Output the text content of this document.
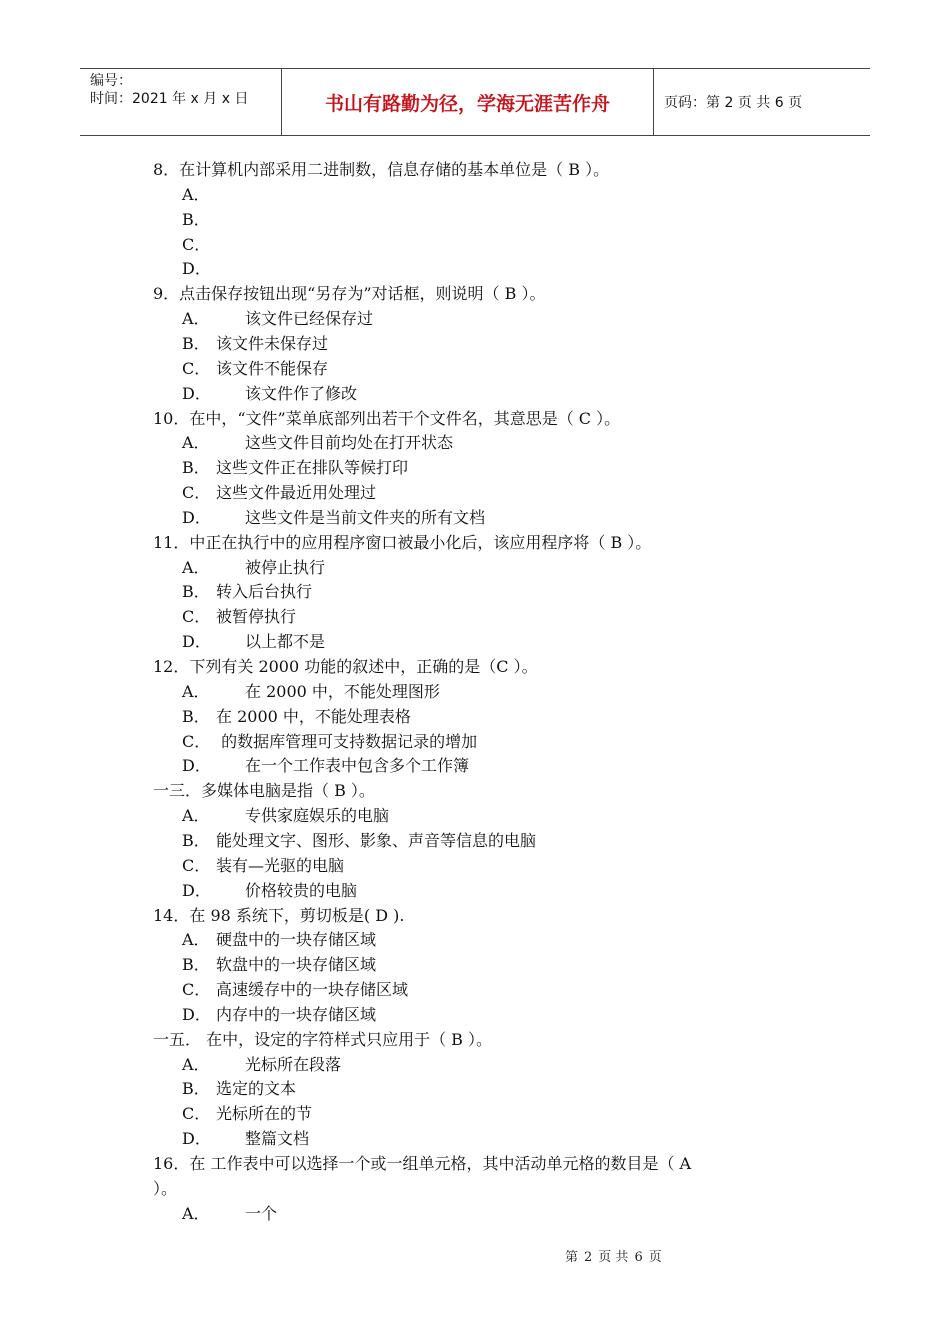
编号：
时间：2021 年 x 月 x 日	书山有路勤为径，学海无涯苦作舟	页码：第 2 页 共 6 页
8．在计算机内部采用二进制数，信息存储的基本单位是（ B ）。
A．
B．
C．
D．
9．点击保存按钮出现“另存为”对话框，则说明（ B ）。
A． 该文件已经保存过
B． 该文件未保存过
C． 该文件不能保存
D． 该文件作了修改
10．在中，“文件”菜单底部列出若干个文件名，其意思是（ C ）。
A． 这些文件目前均处在打开状态
B． 这些文件正在排队等候打印
C． 这些文件最近用处理过
D． 这些文件是当前文件夹的所有文档
11．中正在执行中的应用程序窗口被最小化后，该应用程序将（ B ）。
A． 被停止执行
B． 转入后台执行
C． 被暂停执行
D． 以上都不是
12．下列有关 2000 功能的叙述中，正确的是（C ）。
A． 在 2000 中，不能处理图形
B． 在 2000 中，不能处理表格
C． 的数据库管理可支持数据记录的增加
D． 在一个工作表中包含多个工作簿
一三．多媒体电脑是指（ B ）。
A． 专供家庭娱乐的电脑
B． 能处理文字、图形、影象、声音等信息的电脑
C． 装有—光驱的电脑
D． 价格较贵的电脑
14．在 98 系统下，剪切板是( D ).
A． 硬盘中的一块存储区域
B． 软盘中的一块存储区域
C． 高速缓存中的一块存储区域
D． 内存中的一块存储区域
一五． 在中，设定的字符样式只应用于（ B ）。
A． 光标所在段落
B． 选定的文本
C． 光标所在的节
D． 整篇文档
16．在 工作表中可以选择一个或一组单元格，其中活动单元格的数目是（ A
）。
A． 一个
第 2 页 共 6 页
